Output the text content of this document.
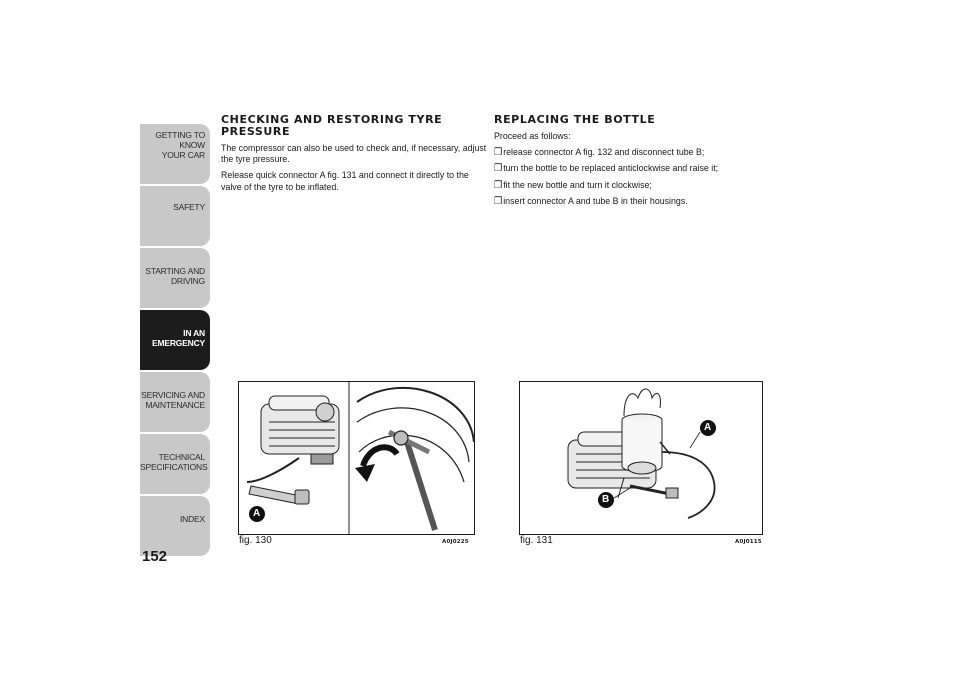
GETTING TO KNOW
YOUR CAR
SAFETY
STARTING AND
DRIVING
IN AN
EMERGENCY
SERVICING AND
MAINTENANCE
TECHNICAL
SPECIFICATIONS
INDEX
152
CHECKING AND RESTORING TYRE PRESSURE
The compressor can also be used to check and, if necessary, adjust the tyre pressure.
Release quick connector A fig. 131 and connect it directly to the valve of the tyre to be inflated.
REPLACING THE BOTTLE
Proceed as follows:
❒ release connector A fig. 132 and disconnect tube B;
❒ turn the bottle to be replaced anticlockwise and raise it;
❒ fit the new bottle and turn it clockwise;
❒ insert connector A and tube B in their housings.
A
fig. 130	A0J0225
A
B
fig. 131	A0J0115
